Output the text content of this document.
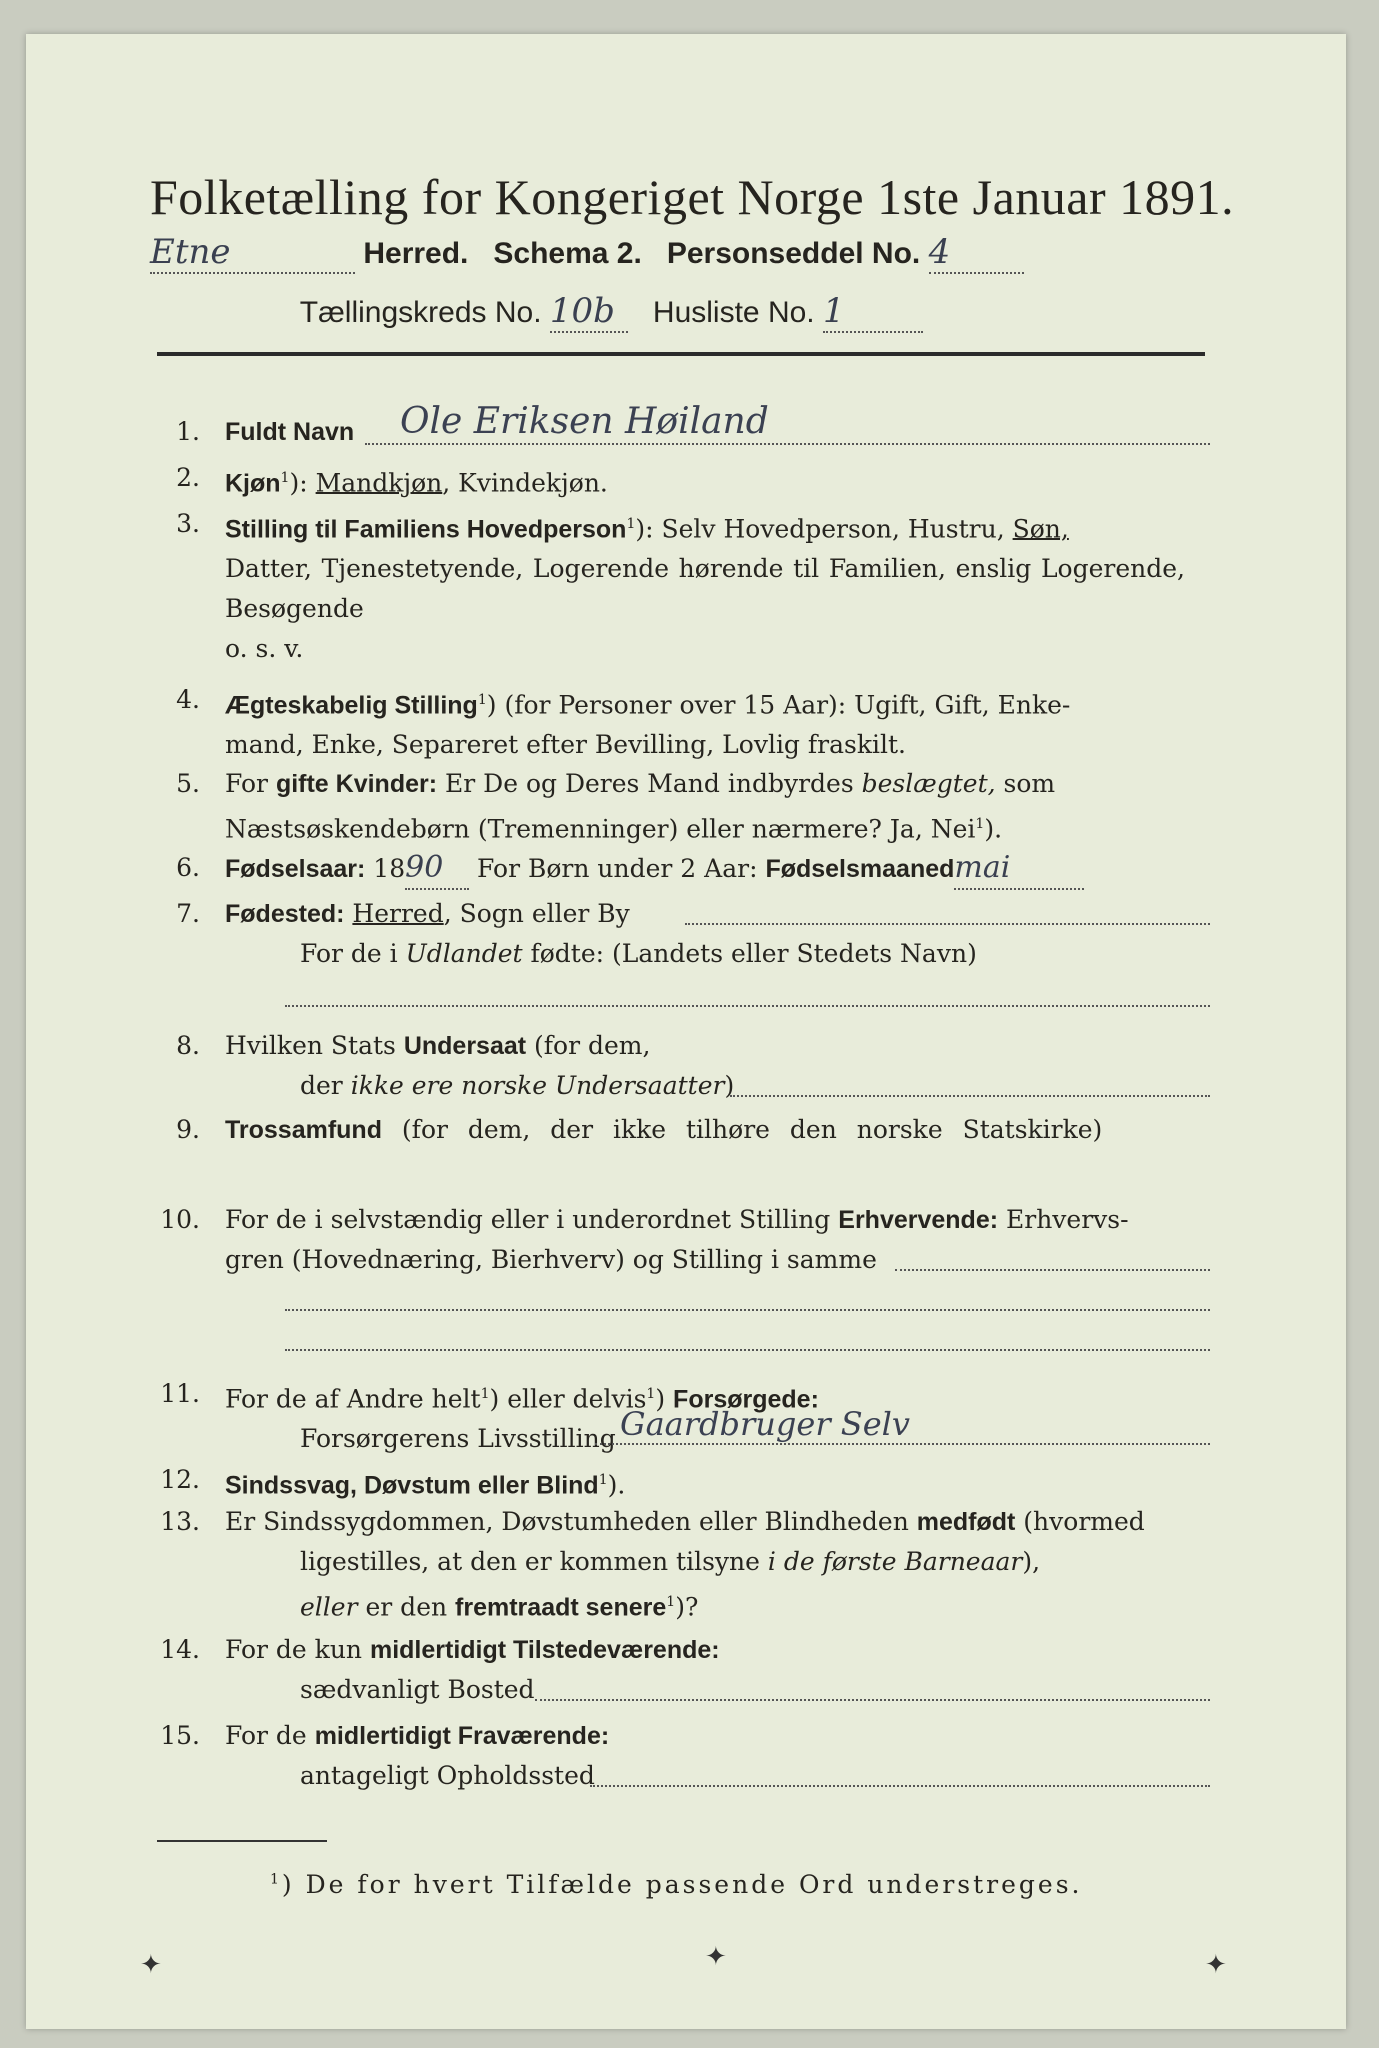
Folketælling for Kongeriget Norge 1ste Januar 1891.
Etne	Herred. Schema 2. Personseddel No. 4
Tællingskreds No. 10b Husliste No. 1
1. Fuldt Navn	Ole Eriksen Høiland
2. Kjøn$^1$): Mandkjøn, Kvindekjøn.
3. Stilling til Familiens Hovedperson$^1$): Selv Hovedperson, Hustru, Søn,
Datter, Tjenestetyende, Logerende hørende til Familien, enslig Logerende, Besøgende
o. s. v.
4. Ægteskabelig Stilling$^1$) (for Personer over 15 Aar): Ugift, Gift, Enke-
mand, Enke, Separeret efter Bevilling, Lovlig fraskilt.
5. For gifte Kvinder: Er De og Deres Mand indbyrdes beslægtet, som
Næstsøskendebørn (Tremenninger) eller nærmere? Ja, Nei$^1$).
6. Fødselsaar: 1890 For Børn under 2 Aar: Fødselsmaanedmai
7. Fødested: Herred, Sogn eller By
For de i Udlandet fødte: (Landets eller Stedets Navn)
8. Hvilken Stats Undersaat (for dem,
der ikke ere norske Undersaatter)
9. Trossamfund (for dem, der ikke tilhøre den norske Statskirke)
10. For de i selvstændig eller i underordnet Stilling Erhvervende: Erhvervs-
gren (Hovednæring, Bierhverv) og Stilling i samme
11. For de af Andre helt$^1$) eller delvis$^1$) Forsørgede:
Forsørgerens Livsstilling Gaardbruger Selv
12. Sindssvag, Døvstum eller Blind$^1$).
13. Er Sindssygdommen, Døvstumheden eller Blindheden medfødt (hvormed
ligestilles, at den er kommen tilsyne i de første Barneaar),
eller er den fremtraadt senere$^1$)?
14. For de kun midlertidigt Tilstedeværende:
sædvanligt Bosted
15. For de midlertidigt Fraværende:
antageligt Opholdssted
$^1$) De for hvert Tilfælde passende Ord understreges.
✦	✦	✦
